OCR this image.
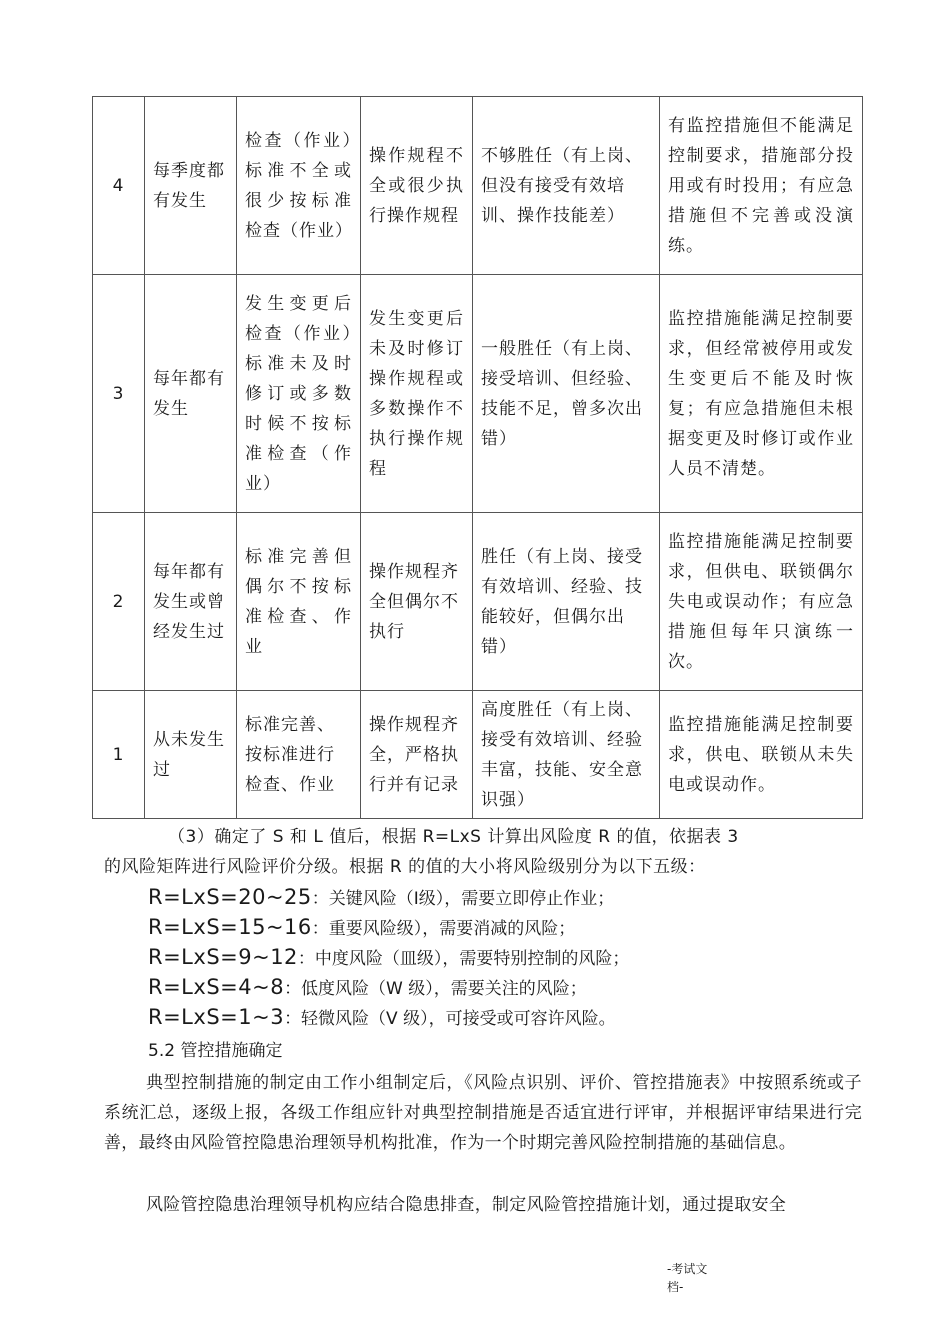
4	每季度都有发生	检查（作业）标准不全或很少按标准检查（作业）	操作规程不全或很少执行操作规程	不够胜任（有上岗、但没有接受有效培训、操作技能差）	有监控措施但不能满足控制要求，措施部分投用或有时投用；有应急措施但不完善或没演练。
3	每年都有发生	发生变更后检查（作业）标准未及时修订或多数时候不按标准检查（作业）	发生变更后未及时修订操作规程或多数操作不执行操作规程	一般胜任（有上岗、接受培训、但经验、技能不足，曾多次出错）	监控措施能满足控制要求，但经常被停用或发生变更后不能及时恢复；有应急措施但未根据变更及时修订或作业人员不清楚。
2	每年都有发生或曾经发生过	标准完善但偶尔不按标准检查、作业	操作规程齐全但偶尔不执行	胜任（有上岗、接受有效培训、经验、技能较好，但偶尔出错）	监控措施能满足控制要求，但供电、联锁偶尔失电或误动作；有应急措施但每年只演练一次。
1	从未发生过	标准完善、按标准进行检查、作业	操作规程齐全，严格执行并有记录	高度胜任（有上岗、接受有效培训、经验丰富，技能、安全意识强）	监控措施能满足控制要求，供电、联锁从未失电或误动作。
（3）确定了 S 和 L 值后，根据 R=LxS 计算出风险度 R 的值，依据表 3
的风险矩阵进行风险评价分级。根据 R 的值的大小将风险级别分为以下五级：
R=LxS=20~25：关键风险（Ⅰ级），需要立即停止作业；
R=LxS=15~16：重要风险级），需要消减的风险；
R=LxS=9~12：中度风险（皿级），需要特别控制的风险；
R=LxS=4~8：低度风险（W 级），需要关注的风险；
R=LxS=1~3：轻微风险（V 级），可接受或可容许风险。
5.2 管控措施确定
典型控制措施的制定由工作小组制定后，《风险点识别、评价、管控措施表》中按照系统或子系统汇总，逐级上报，各级工作组应针对典型控制措施是否适宜进行评审，并根据评审结果进行完善，最终由风险管控隐患治理领导机构批准，作为一个时期完善风险控制措施的基础信息。
风险管控隐患治理领导机构应结合隐患排查，制定风险管控措施计划，通过提取安全
-考试文
档-
